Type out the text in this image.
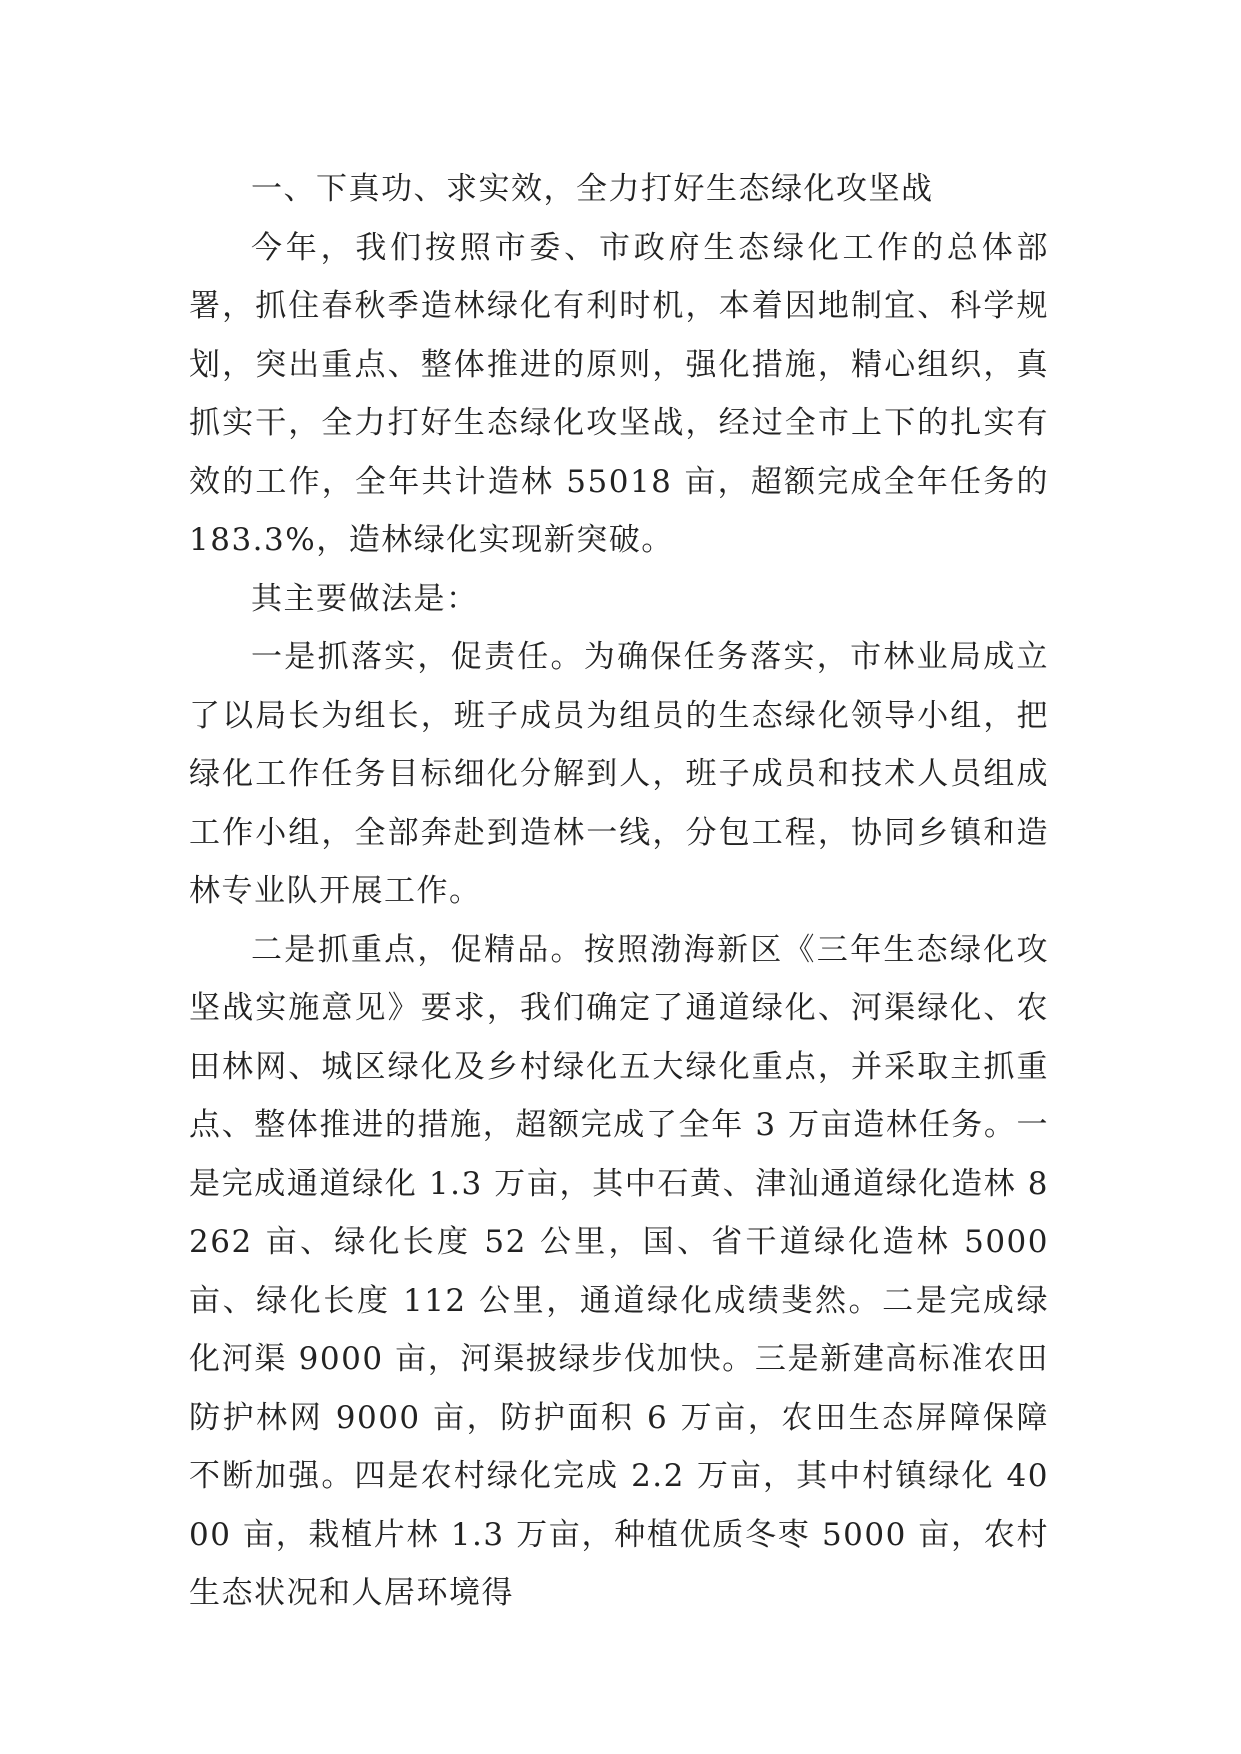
一、下真功、求实效，全力打好生态绿化攻坚战

今年，我们按照市委、市政府生态绿化工作的总体部署，抓住春秋季造林绿化有利时机，本着因地制宜、科学规划，突出重点、整体推进的原则，强化措施，精心组织，真抓实干，全力打好生态绿化攻坚战，经过全市上下的扎实有效的工作，全年共计造林 55018 亩，超额完成全年任务的183.3%，造林绿化实现新突破。

其主要做法是：

一是抓落实，促责任。为确保任务落实，市林业局成立了以局长为组长，班子成员为组员的生态绿化领导小组，把绿化工作任务目标细化分解到人，班子成员和技术人员组成工作小组，全部奔赴到造林一线，分包工程，协同乡镇和造林专业队开展工作。

二是抓重点，促精品。按照渤海新区《三年生态绿化攻坚战实施意见》要求，我们确定了通道绿化、河渠绿化、农田林网、城区绿化及乡村绿化五大绿化重点，并采取主抓重点、整体推进的措施，超额完成了全年 3 万亩造林任务。一是完成通道绿化 1.3 万亩，其中石黄、津汕通道绿化造林 8262 亩、绿化长度 52 公里，国、省干道绿化造林 5000 亩、绿化长度 112 公里，通道绿化成绩斐然。二是完成绿化河渠 9000 亩，河渠披绿步伐加快。三是新建高标准农田防护林网 9000 亩，防护面积 6 万亩，农田生态屏障保障不断加强。四是农村绿化完成 2.2 万亩，其中村镇绿化 4000 亩，栽植片林 1.3 万亩，种植优质冬枣 5000 亩，农村生态状况和人居环境得
